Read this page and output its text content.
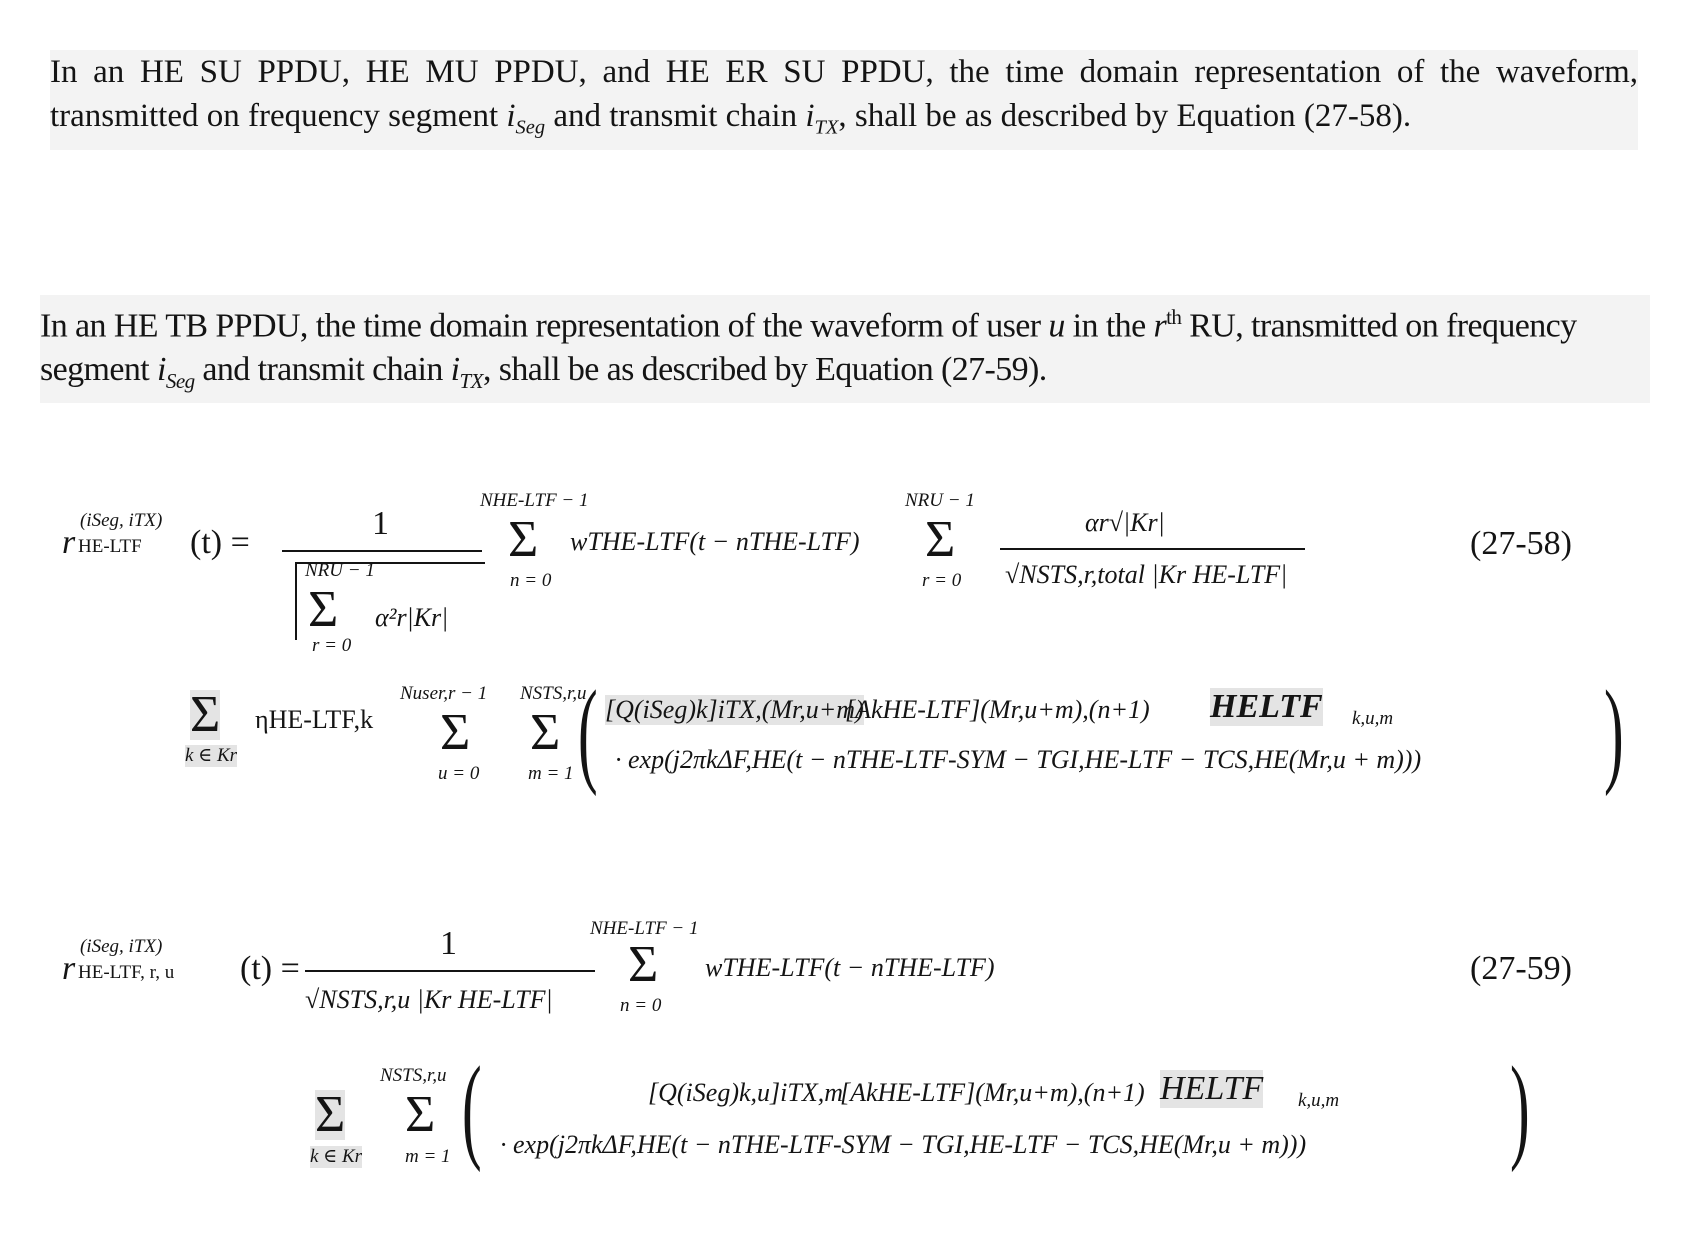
In an HE SU PPDU, HE MU PPDU, and HE ER SU PPDU, the time domain representation of the waveform, transmitted on frequency segment $i_{Seg}$ and transmit chain $i_{TX}$, shall be as described by Equation (27-58).
In an HE TB PPDU, the time domain representation of the waveform of user u in the $r^{th}$ RU, transmitted on frequency segment $i_{Seg}$ and transmit chain $i_{TX}$, shall be as described by Equation (27-59).
r
(iSeg, iTX)
HE-LTF (t) =
1
NRU − 1
Σ
r = 0
α²r|Kr|
NHE-LTF − 1
Σ
n = 0
wTHE-LTF(t − nTHE-LTF)
NRU − 1
Σ
r = 0
αr√|Kr|
√NSTS,r,total |Kr HE-LTF|
(27-58)
Σ
k ∈ Kr
ηHE-LTF,k
Nuser,r − 1
Σ
u = 0
NSTS,r,u
Σ
m = 1 ( [Q(iSeg)k]iTX,(Mr,u+m)
[AkHE-LTF](Mr,u+m),(n+1) HELTF k,u,m
· exp(j2πkΔF,HE(t − nTHE-LTF-SYM − TGI,HE-LTF − TCS,HE(Mr,u + m))) )
r
(iSeg, iTX)
HE-LTF, r, u (t) =
1
√NSTS,r,u |Kr HE-LTF|
NHE-LTF − 1
Σ
n = 0
wTHE-LTF(t − nTHE-LTF)	(27-59)
Σ
k ∈ Kr
NSTS,r,u
Σ
m = 1 (	[Q(iSeg)k,u]iTX,m
[AkHE-LTF](Mr,u+m),(n+1) HELTF k,u,m
· exp(j2πkΔF,HE(t − nTHE-LTF-SYM − TGI,HE-LTF − TCS,HE(Mr,u + m))) )
